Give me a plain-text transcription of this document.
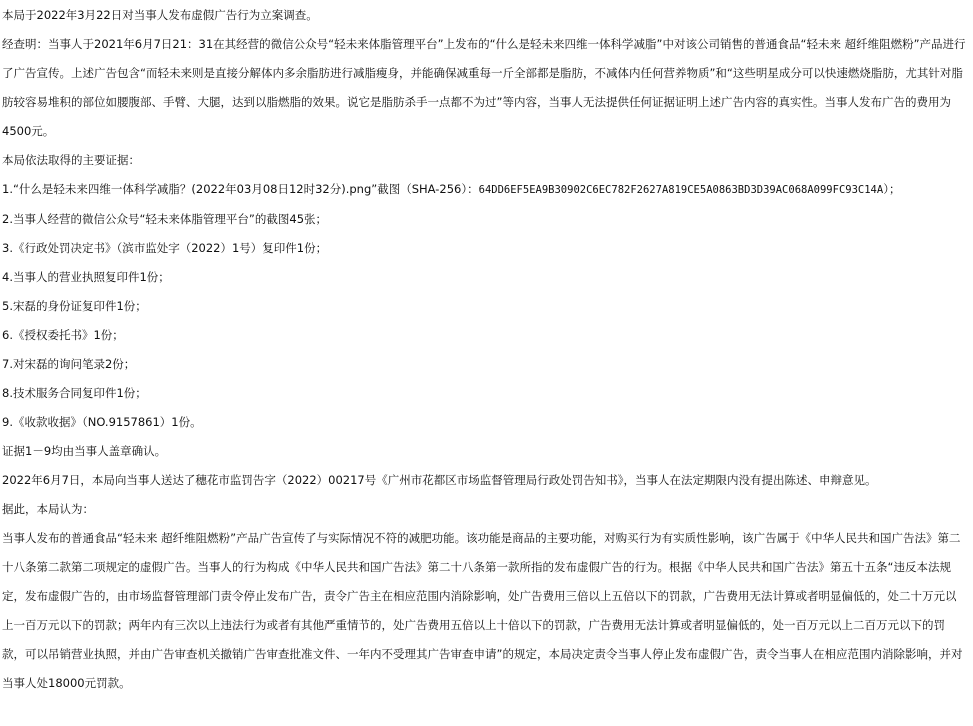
本局于2022年3月22日对当事人发布虚假广告行为立案调查。

经查明：当事人于2021年6月7日21：31在其经营的微信公众号“轻未来体脂管理平台”上发布的“什么是轻未来四维一体科学减脂”中对该公司销售的普通食品“轻未来 超纤维阻燃粉”产品进行了广告宣传。上述广告包含“而轻未来则是直接分解体内多余脂肪进行减脂瘦身，并能确保减重每一斤全部都是脂肪，不减体内任何营养物质”和“这些明星成分可以快速燃烧脂肪，尤其针对脂肪较容易堆积的部位如腰腹部、手臂、大腿，达到以脂燃脂的效果。说它是脂肪杀手一点都不为过”等内容，当事人无法提供任何证据证明上述广告内容的真实性。当事人发布广告的费用为4500元。

本局依法取得的主要证据：

1.“什么是轻未来四维一体科学减脂？(2022年03月08日12时32分).png”截图（SHA-256）：64DD6EF5EA9B30902C6EC782F2627A819CE5A0863BD3D39AC068A099FC93C14A）；

2.当事人经营的微信公众号“轻未来体脂管理平台”的截图45张；

3.《行政处罚决定书》（滨市监处字（2022）1号）复印件1份；

4.当事人的营业执照复印件1份；

5.宋磊的身份证复印件1份；

6.《授权委托书》1份；

7.对宋磊的询问笔录2份；

8.技术服务合同复印件1份；

9.《收款收据》（NO.9157861）1份。

证据1－9均由当事人盖章确认。

2022年6月7日，本局向当事人送达了穗花市监罚告字（2022）00217号《广州市花都区市场监督管理局行政处罚告知书》，当事人在法定期限内没有提出陈述、申辩意见。

据此，本局认为：

当事人发布的普通食品“轻未来 超纤维阻燃粉”产品广告宣传了与实际情况不符的减肥功能。该功能是商品的主要功能，对购买行为有实质性影响，该广告属于《中华人民共和国广告法》第二十八条第二款第二项规定的虚假广告。当事人的行为构成《中华人民共和国广告法》第二十八条第一款所指的发布虚假广告的行为。根据《中华人民共和国广告法》第五十五条“违反本法规定，发布虚假广告的，由市场监督管理部门责令停止发布广告，责令广告主在相应范围内消除影响，处广告费用三倍以上五倍以下的罚款，广告费用无法计算或者明显偏低的，处二十万元以上一百万元以下的罚款；两年内有三次以上违法行为或者有其他严重情节的，处广告费用五倍以上十倍以下的罚款，广告费用无法计算或者明显偏低的，处一百万元以上二百万元以下的罚款，可以吊销营业执照，并由广告审查机关撤销广告审查批准文件、一年内不受理其广告审查申请”的规定，本局决定责令当事人停止发布虚假广告，责令当事人在相应范围内消除影响，并对当事人处18000元罚款。
